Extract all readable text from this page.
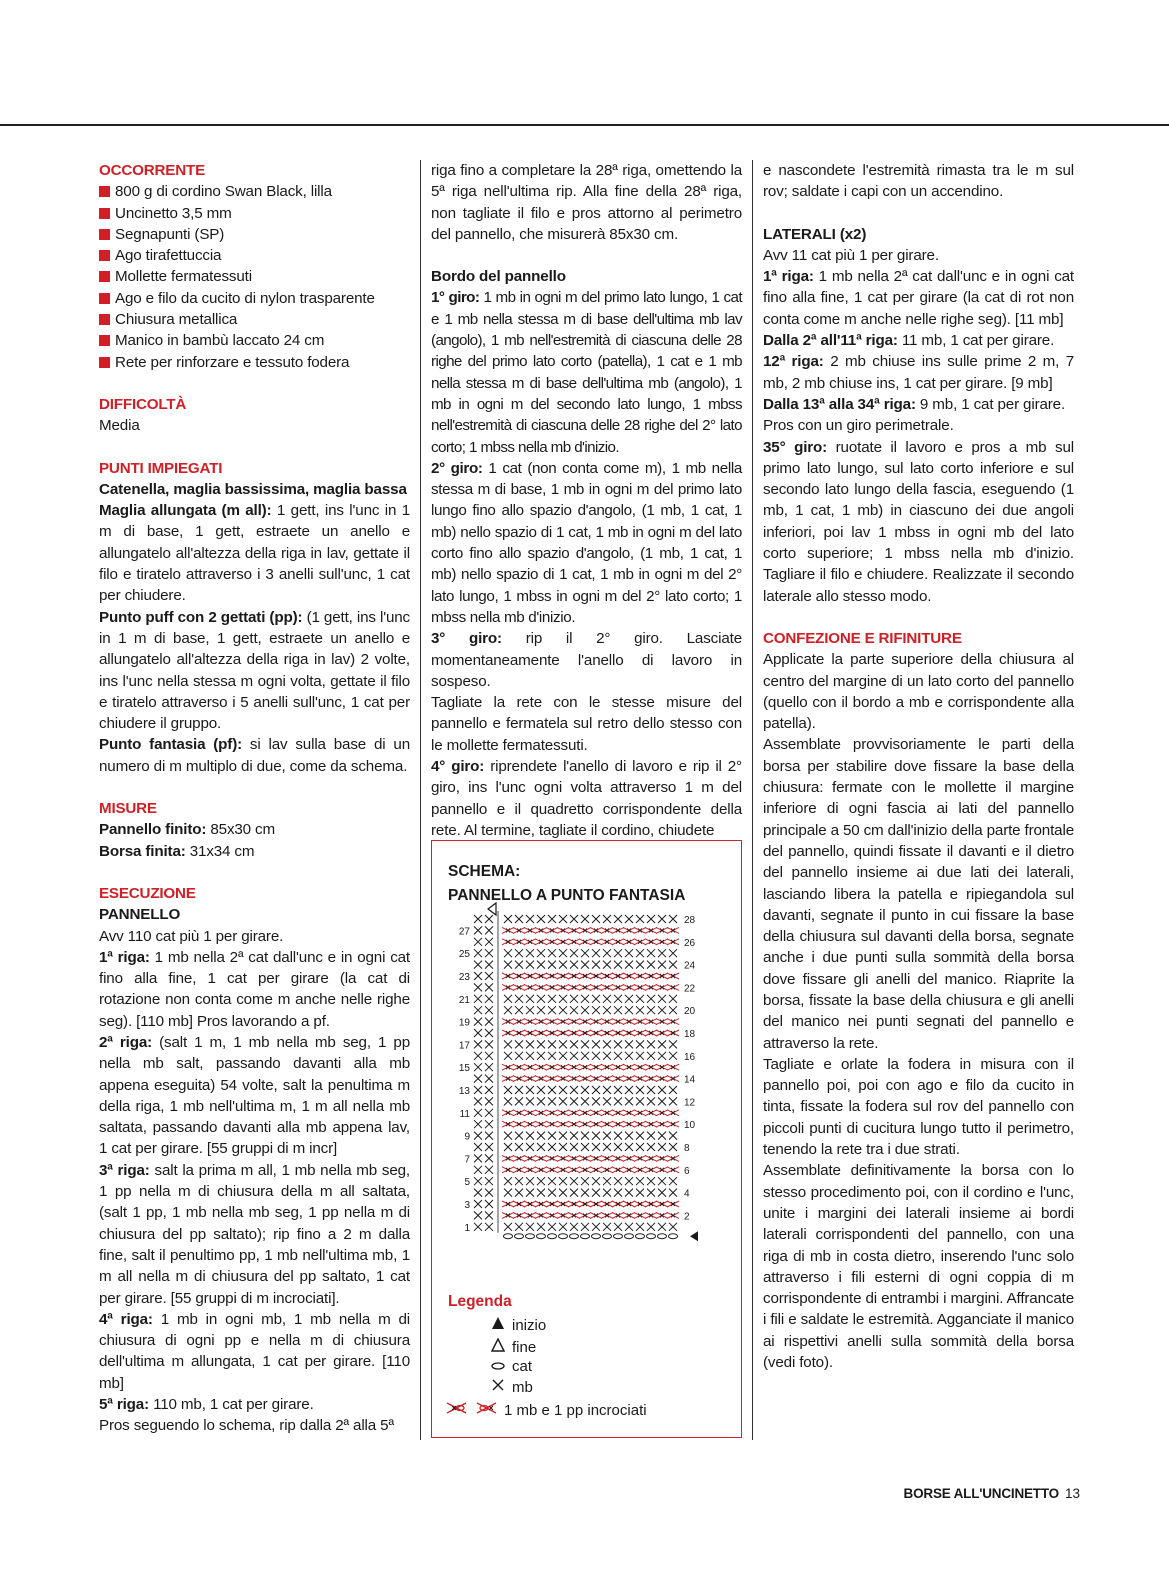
OCCORRENTE
800 g di cordino Swan Black, lilla
Uncinetto 3,5 mm
Segnapunti (SP)
Ago tirafettuccia
Mollette fermatessuti
Ago e filo da cucito di nylon trasparente
Chiusura metallica
Manico in bambù laccato 24 cm
Rete per rinforzare e tessuto fodera
DIFFICOLTÀ
Media
PUNTI IMPIEGATI
Catenella, maglia bassissima, maglia bassa
Maglia allungata (m all): 1 gett, ins l'unc in 1 m di base, 1 gett, estraete un anello e allungatelo all'altezza della riga in lav, gettate il filo e tiratelo attraverso i 3 anelli sull'unc, 1 cat per chiudere.
Punto puff con 2 gettati (pp): (1 gett, ins l'unc in 1 m di base, 1 gett, estraete un anello e allungatelo all'altezza della riga in lav) 2 volte, ins l'unc nella stessa m ogni volta, gettate il filo e tiratelo attraverso i 5 anelli sull'unc, 1 cat per chiudere il gruppo.
Punto fantasia (pf): si lav sulla base di un numero di m multiplo di due, come da schema.
MISURE
Pannello finito: 85x30 cm
Borsa finita: 31x34 cm
ESECUZIONE
PANNELLO
Avv 110 cat più 1 per girare.
1ª riga: 1 mb nella 2ª cat dall'unc e in ogni cat fino alla fine, 1 cat per girare (la cat di rotazione non conta come m anche nelle righe seg). [110 mb] Pros lavorando a pf.
2ª riga: (salt 1 m, 1 mb nella mb seg, 1 pp nella mb salt, passando davanti alla mb appena eseguita) 54 volte, salt la penultima m della riga, 1 mb nell'ultima m, 1 m all nella mb saltata, passando davanti alla mb appena lav, 1 cat per girare. [55 gruppi di m incr]
3ª riga: salt la prima m all, 1 mb nella mb seg, 1 pp nella m di chiusura della m all saltata, (salt 1 pp, 1 mb nella mb seg, 1 pp nella m di chiusura del pp saltato); rip fino a 2 m dalla fine, salt il penultimo pp, 1 mb nell'ultima mb, 1 m all nella m di chiusura del pp saltato, 1 cat per girare. [55 gruppi di m incrociati].
4ª riga: 1 mb in ogni mb, 1 mb nella m di chiusura di ogni pp e nella m di chiusura dell'ultima m allungata, 1 cat per girare. [110 mb]
5ª riga: 110 mb, 1 cat per girare.
Pros seguendo lo schema, rip dalla 2ª alla 5ª
riga fino a completare la 28ª riga, omettendo la 5ª riga nell'ultima rip. Alla fine della 28ª riga, non tagliate il filo e pros attorno al perimetro del pannello, che misurerà 85x30 cm.
Bordo del pannello
1° giro: 1 mb in ogni m del primo lato lungo, 1 cat e 1 mb nella stessa m di base dell'ultima mb lav (angolo), 1 mb nell'estremità di ciascuna delle 28 righe del primo lato corto (patella), 1 cat e 1 mb nella stessa m di base dell'ultima mb (angolo), 1 mb in ogni m del secondo lato lungo, 1 mbss nell'estremità di ciascuna delle 28 righe del 2° lato corto; 1 mbss nella mb d'inizio.
2° giro: 1 cat (non conta come m), 1 mb nella stessa m di base, 1 mb in ogni m del primo lato lungo fino allo spazio d'angolo, (1 mb, 1 cat, 1 mb) nello spazio di 1 cat, 1 mb in ogni m del lato corto fino allo spazio d'angolo, (1 mb, 1 cat, 1 mb) nello spazio di 1 cat, 1 mb in ogni m del 2° lato lungo, 1 mbss in ogni m del 2° lato corto; 1 mbss nella mb d'inizio.
3° giro: rip il 2° giro. Lasciate momentaneamente l'anello di lavoro in sospeso.
Tagliate la rete con le stesse misure del pannello e fermatela sul retro dello stesso con le mollette fermatessuti.
4° giro: riprendete l'anello di lavoro e rip il 2° giro, ins l'unc ogni volta attraverso 1 m del pannello e il quadretto corrispondente della rete. Al termine, tagliate il cordino, chiudete
SCHEMA:
PANNELLO A PUNTO FANTASIA
27
25
23
21
19
17
15
13
11
9
7
5
3
1
28
26
24
22
20
18
16
14
12
10
8
6
4
2
Legenda
inizio
fine
cat
mb
1 mb e 1 pp incrociati
e nascondete l'estremità rimasta tra le m sul rov; saldate i capi con un accendino.
LATERALI (x2)
Avv 11 cat più 1 per girare.
1ª riga: 1 mb nella 2ª cat dall'unc e in ogni cat fino alla fine, 1 cat per girare (la cat di rot non conta come m anche nelle righe seg). [11 mb]
Dalla 2ª all'11ª riga: 11 mb, 1 cat per girare.
12ª riga: 2 mb chiuse ins sulle prime 2 m, 7 mb, 2 mb chiuse ins, 1 cat per girare. [9 mb]
Dalla 13ª alla 34ª riga: 9 mb, 1 cat per girare.
Pros con un giro perimetrale.
35° giro: ruotate il lavoro e pros a mb sul primo lato lungo, sul lato corto inferiore e sul secondo lato lungo della fascia, eseguendo (1 mb, 1 cat, 1 mb) in ciascuno dei due angoli inferiori, poi lav 1 mbss in ogni mb del lato corto superiore; 1 mbss nella mb d'inizio. Tagliare il filo e chiudere. Realizzate il secondo laterale allo stesso modo.
CONFEZIONE E RIFINITURE
Applicate la parte superiore della chiusura al centro del margine di un lato corto del pannello (quello con il bordo a mb e corrispondente alla patella).
Assemblate provvisoriamente le parti della borsa per stabilire dove fissare la base della chiusura: fermate con le mollette il margine inferiore di ogni fascia ai lati del pannello principale a 50 cm dall'inizio della parte frontale del pannello, quindi fissate il davanti e il dietro del pannello insieme ai due lati dei laterali, lasciando libera la patella e ripiegandola sul davanti, segnate il punto in cui fissare la base della chiusura sul davanti della borsa, segnate anche i due punti sulla sommità della borsa dove fissare gli anelli del manico. Riaprite la borsa, fissate la base della chiusura e gli anelli del manico nei punti segnati del pannello e attraverso la rete.
Tagliate e orlate la fodera in misura con il pannello poi, poi con ago e filo da cucito in tinta, fissate la fodera sul rov del pannello con piccoli punti di cucitura lungo tutto il perimetro, tenendo la rete tra i due strati.
Assemblate definitivamente la borsa con lo stesso procedimento poi, con il cordino e l'unc, unite i margini dei laterali insieme ai bordi laterali corrispondenti del pannello, con una riga di mb in costa dietro, inserendo l'unc solo attraverso i fili esterni di ogni coppia di m corrispondente di entrambi i margini. Affrancate i fili e saldate le estremità. Agganciate il manico ai rispettivi anelli sulla sommità della borsa (vedi foto).
BORSE ALL'UNCINETTO 13
